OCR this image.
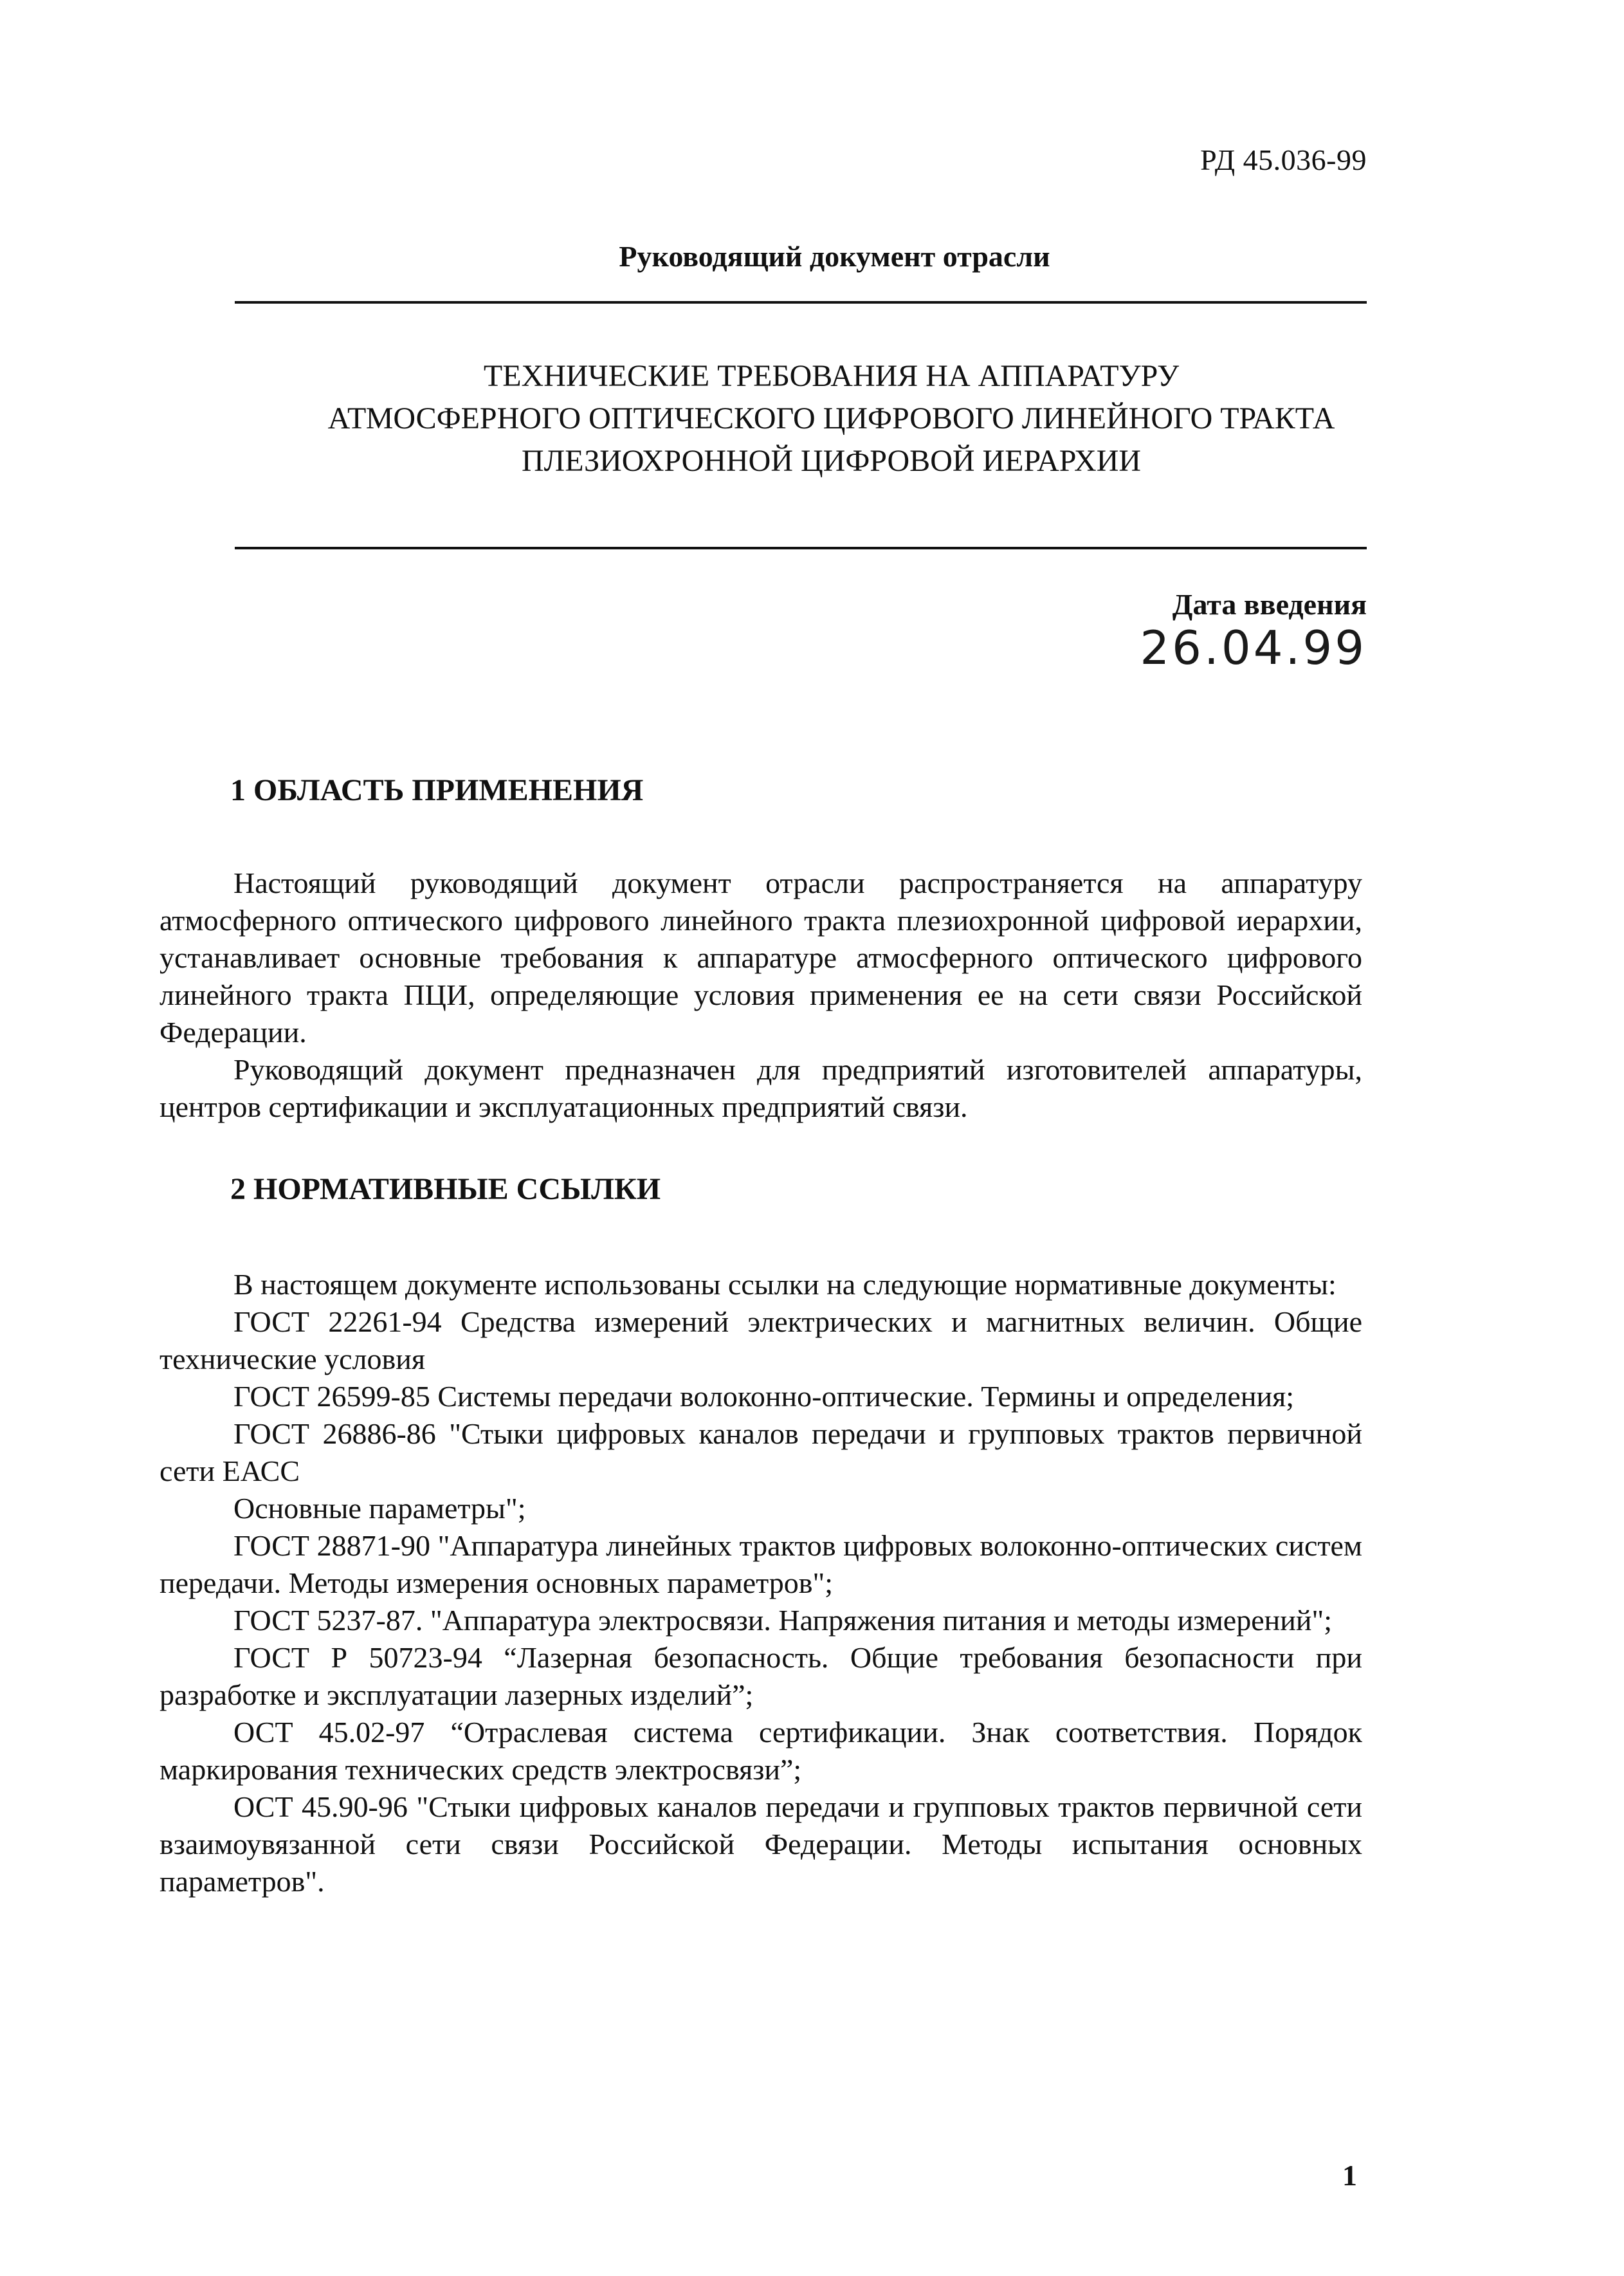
РД 45.036-99
Руководящий документ отрасли
ТЕХНИЧЕСКИЕ ТРЕБОВАНИЯ НА АППАРАТУРУ
АТМОСФЕРНОГО ОПТИЧЕСКОГО ЦИФРОВОГО ЛИНЕЙНОГО ТРАКТА
ПЛЕЗИОХРОННОЙ ЦИФРОВОЙ ИЕРАРХИИ
Дата введения
26.04.99
1 ОБЛАСТЬ ПРИМЕНЕНИЯ

Настоящий руководящий документ отрасли распространяется на аппаратуру атмосферного оптического цифрового линейного тракта плезиохронной цифровой иерархии, устанавливает основные требования к аппаратуре атмосферного оптического цифрового линейного тракта ПЦИ, определяющие условия применения ее на сети связи Российской Федерации.

Руководящий документ предназначен для предприятий изготовителей аппаратуры, центров сертификации и эксплуатационных предприятий связи.

2 НОРМАТИВНЫЕ ССЫЛКИ

В настоящем документе использованы ссылки на следующие нормативные документы:

ГОСТ 22261-94 Средства измерений электрических и магнитных величин. Общие технические условия

ГОСТ 26599-85 Системы передачи волоконно-оптические. Термины и определения;

ГОСТ 26886-86 "Стыки цифровых каналов передачи и групповых трактов первичной сети ЕАСС

Основные параметры";

ГОСТ 28871-90 "Аппаратура линейных трактов цифровых волоконно-оптических систем передачи. Методы измерения основных параметров";

ГОСТ 5237-87. "Аппаратура электросвязи. Напряжения питания и методы измерений";

ГОСТ Р 50723-94 “Лазерная безопасность. Общие требования безопасности при разработке и эксплуатации лазерных изделий”;

ОСТ 45.02-97 “Отраслевая система сертификации. Знак соответствия. Порядок маркирования технических средств электросвязи”;

ОСТ 45.90-96 "Стыки цифровых каналов передачи и групповых трактов первичной сети взаимоувязанной сети связи Российской Федерации. Методы испытания основных параметров".

1
